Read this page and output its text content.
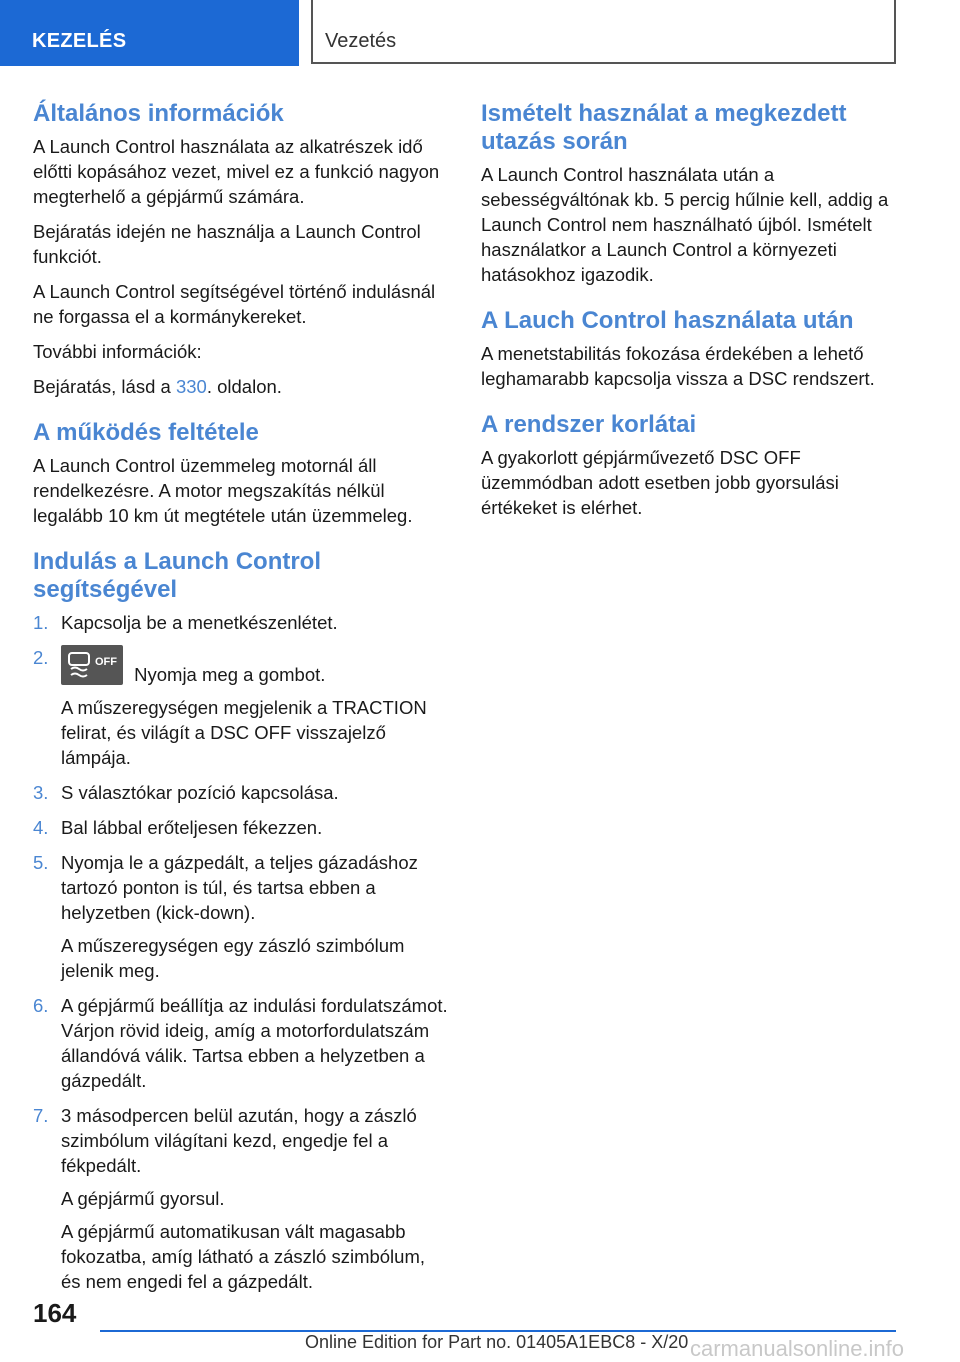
KEZELÉS	Vezetés
Általános információk

A Launch Control használata az alkatrészek idő előtti kopásához vezet, mivel ez a funkció nagyon megterhelő a gépjármű számára.

Bejáratás idején ne használja a Launch Control funkciót.

A Launch Control segítségével történő indulásnál ne forgassa el a kormánykereket.

További információk:

Bejáratás, lásd a 330. oldalon.

A működés feltétele

A Launch Control üzemmeleg motornál áll rendelkezésre. A motor megszakítás nélkül legalább 10 km út megtétele után üzemmeleg.

Indulás a Launch Control segítségével
1. Kapcsolja be a menetkészenlétet.

2.	OFF
Nyomja meg a gombot.

A műszeregységen megjelenik a TRACTION felirat, és világít a DSC OFF visszajelző lámpája.

3. S választókar pozíció kapcsolása.

4. Bal lábbal erőteljesen fékezzen.

5. Nyomja le a gázpedált, a teljes gázadáshoz tartozó ponton is túl, és tartsa ebben a helyzetben (kick-down).

A műszeregységen egy zászló szimbólum jelenik meg.

6. A gépjármű beállítja az indulási fordulatszámot. Várjon rövid ideig, amíg a motorfordulatszám állandóvá válik. Tartsa ebben a helyzetben a gázpedált.

7. 3 másodpercen belül azután, hogy a zászló szimbólum világítani kezd, engedje fel a fékpedált.

A gépjármű gyorsul.

A gépjármű automatikusan vált magasabb fokozatba, amíg látható a zászló szimbólum, és nem engedi fel a gázpedált.

Ismételt használat a megkezdett utazás során

A Launch Control használata után a sebességváltónak kb. 5 percig hűlnie kell, addig a Launch Control nem használható újból. Ismételt használatkor a Launch Control a környezeti hatásokhoz igazodik.

A Lauch Control használata után

A menetstabilitás fokozása érdekében a lehető leghamarabb kapcsolja vissza a DSC rendszert.

A rendszer korlátai

A gyakorlott gépjárművezető DSC OFF üzemmódban adott esetben jobb gyorsulási értékeket is elérhet.

164
Online Edition for Part no. 01405A1EBC8 - X/20 carmanualsonline.info
